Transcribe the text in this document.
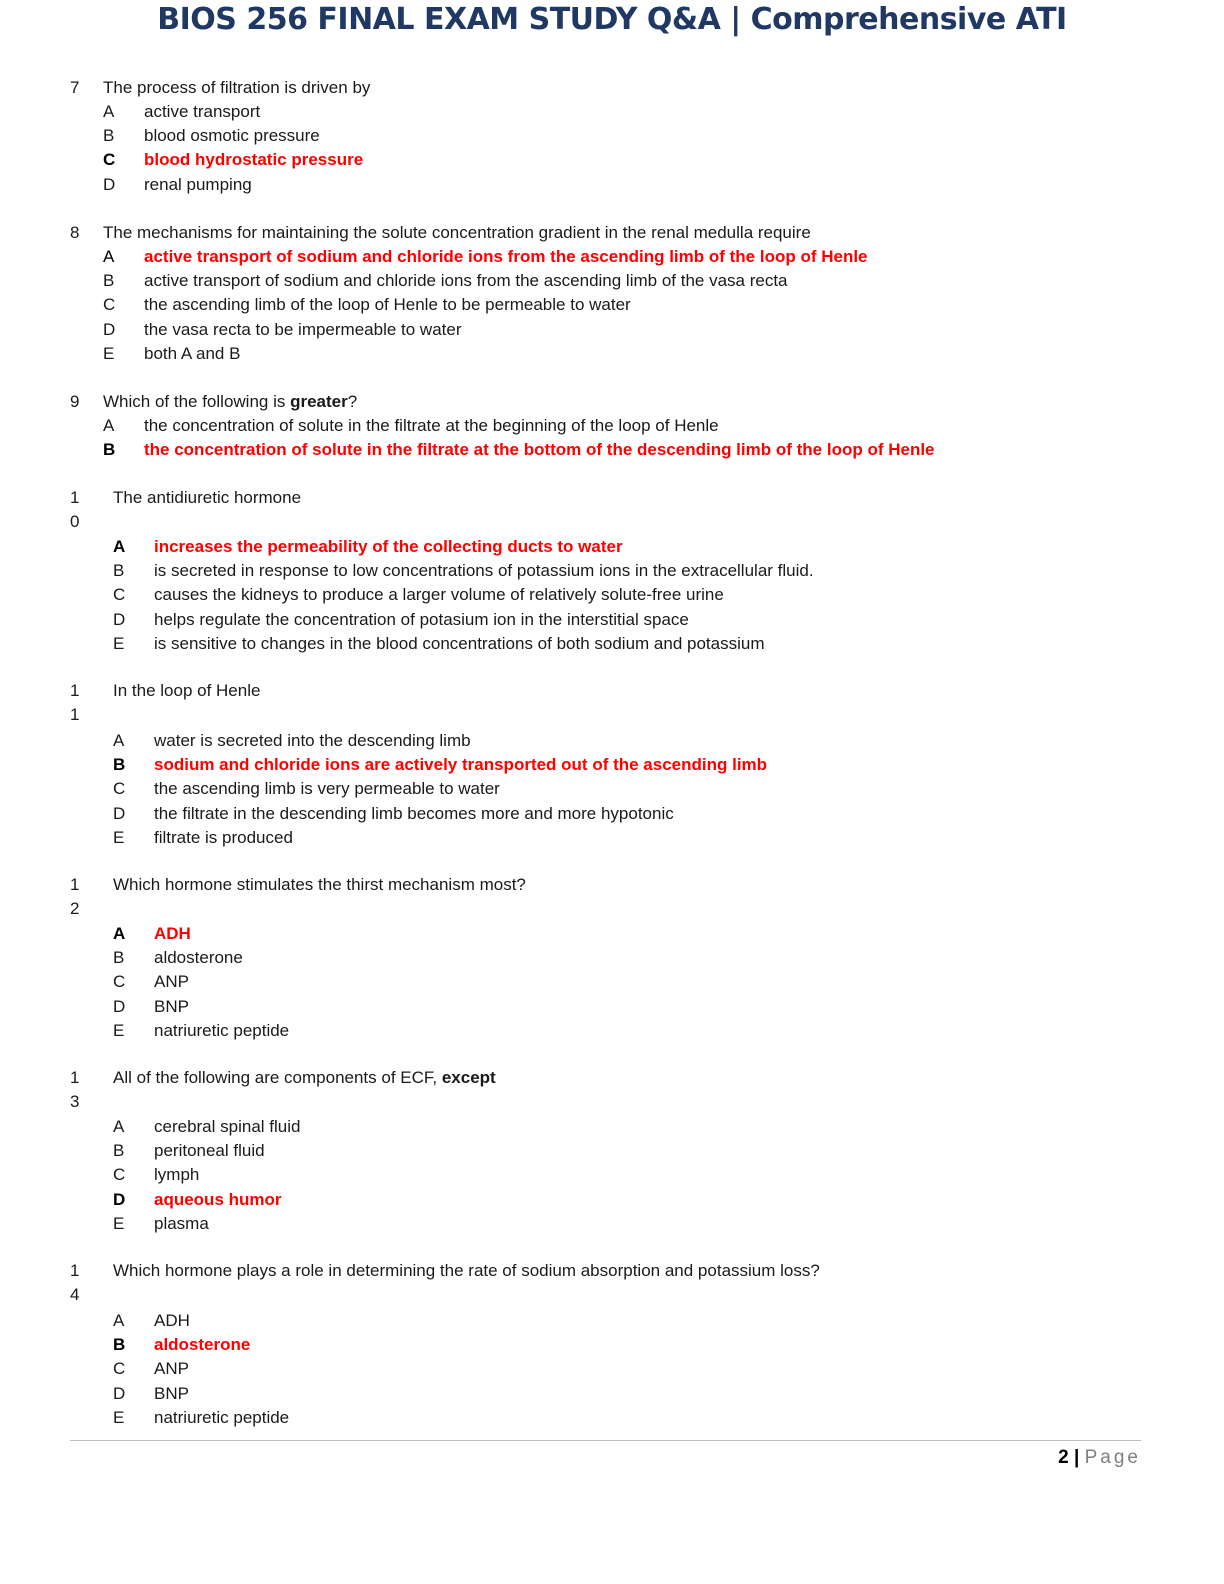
BIOS 256 FINAL EXAM STUDY Q&A | Comprehensive ATI
7 The process of filtration is driven by
A active transport
B blood osmotic pressure
C blood hydrostatic pressure
D renal pumping
8 The mechanisms for maintaining the solute concentration gradient in the renal medulla require
A active transport of sodium and chloride ions from the ascending limb of the loop of Henle
B active transport of sodium and chloride ions from the ascending limb of the vasa recta
C the ascending limb of the loop of Henle to be permeable to water
D the vasa recta to be impermeable to water
E both A and B
9 Which of the following is greater?
A the concentration of solute in the filtrate at the beginning of the loop of Henle
B the concentration of solute in the filtrate at the bottom of the descending limb of the loop of Henle
10
The antidiuretic hormone
A increases the permeability of the collecting ducts to water
B is secreted in response to low concentrations of potassium ions in the extracellular fluid.
C causes the kidneys to produce a larger volume of relatively solute-free urine
D helps regulate the concentration of potasium ion in the interstitial space
E is sensitive to changes in the blood concentrations of both sodium and potassium
11
In the loop of Henle
A water is secreted into the descending limb
B sodium and chloride ions are actively transported out of the ascending limb
C the ascending limb is very permeable to water
D the filtrate in the descending limb becomes more and more hypotonic
E filtrate is produced
12
Which hormone stimulates the thirst mechanism most?
A ADH
B aldosterone
C ANP
D BNP
E natriuretic peptide
13
All of the following are components of ECF, except
A cerebral spinal fluid
B peritoneal fluid
C lymph
D aqueous humor
E plasma
14
Which hormone plays a role in determining the rate of sodium absorption and potassium loss?
A ADH
B aldosterone
C ANP
D BNP
E natriuretic peptide
2 | Page
